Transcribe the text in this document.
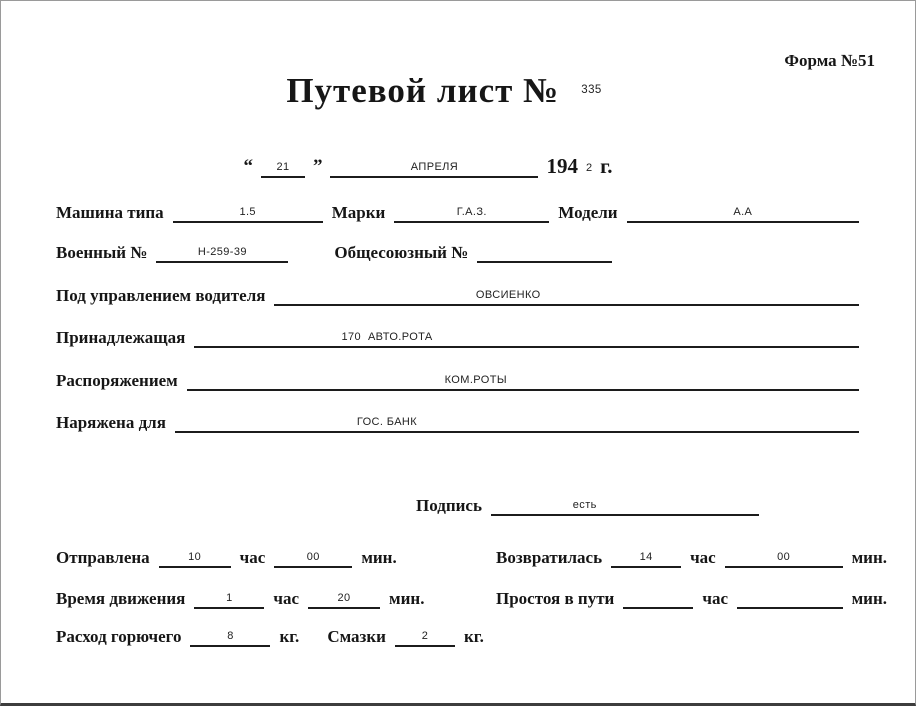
Форма №51
Путевой лист № $^{335}$
“	21	”	АПРЕЛЯ	194 2 г.
Машина типа	1.5	Марки	Г.А.З.	Модели	А.А
Военный №	Н-259-39	Общесоюзный №
Под управлением водителя	ОВСИЕНКО
Принадлежащая	170  АВТО.РОТА
Распоряжением	КОМ.РОТЫ
Наряжена для	ГОС. БАНК
Подпись	есть
Отправлена	10	час	00	мин.	Возвратилась	14	час	00	мин.
Время движения	1	час	20	мин.	Простоя в пути	час	мин.
Расход горючего	8	кг. Смазки	2	кг.
